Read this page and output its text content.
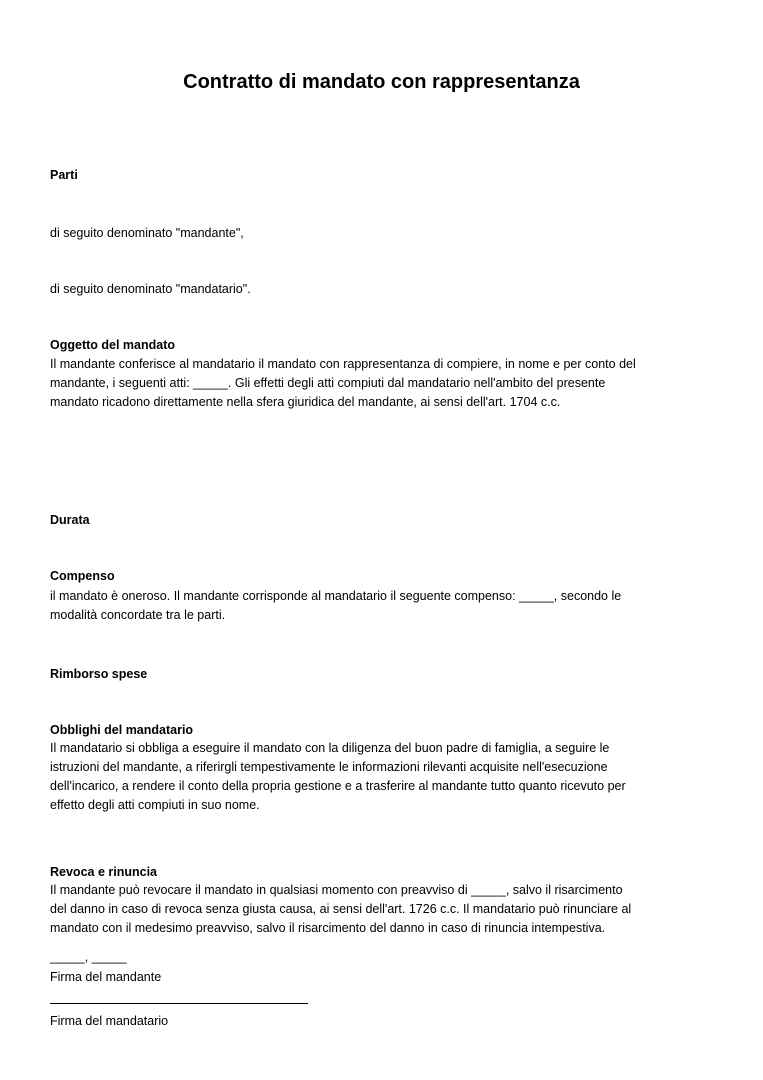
Contratto di mandato con rappresentanza
Parti
di seguito denominato "mandante",
di seguito denominato "mandatario".
Oggetto del mandato
Il mandante conferisce al mandatario il mandato con rappresentanza di compiere, in nome e per conto del
mandante, i seguenti atti: _____. Gli effetti degli atti compiuti dal mandatario nell'ambito del presente
mandato ricadono direttamente nella sfera giuridica del mandante, ai sensi dell'art. 1704 c.c.
Durata
Compenso
il mandato è oneroso. Il mandante corrisponde al mandatario il seguente compenso: _____, secondo le
modalità concordate tra le parti.
Rimborso spese
Obblighi del mandatario
Il mandatario si obbliga a eseguire il mandato con la diligenza del buon padre di famiglia, a seguire le
istruzioni del mandante, a riferirgli tempestivamente le informazioni rilevanti acquisite nell'esecuzione
dell'incarico, a rendere il conto della propria gestione e a trasferire al mandante tutto quanto ricevuto per
effetto degli atti compiuti in suo nome.
Revoca e rinuncia
Il mandante può revocare il mandato in qualsiasi momento con preavviso di _____, salvo il risarcimento
del danno in caso di revoca senza giusta causa, ai sensi dell'art. 1726 c.c. Il mandatario può rinunciare al
mandato con il medesimo preavviso, salvo il risarcimento del danno in caso di rinuncia intempestiva.
_____, _____
Firma del mandante
Firma del mandatario
